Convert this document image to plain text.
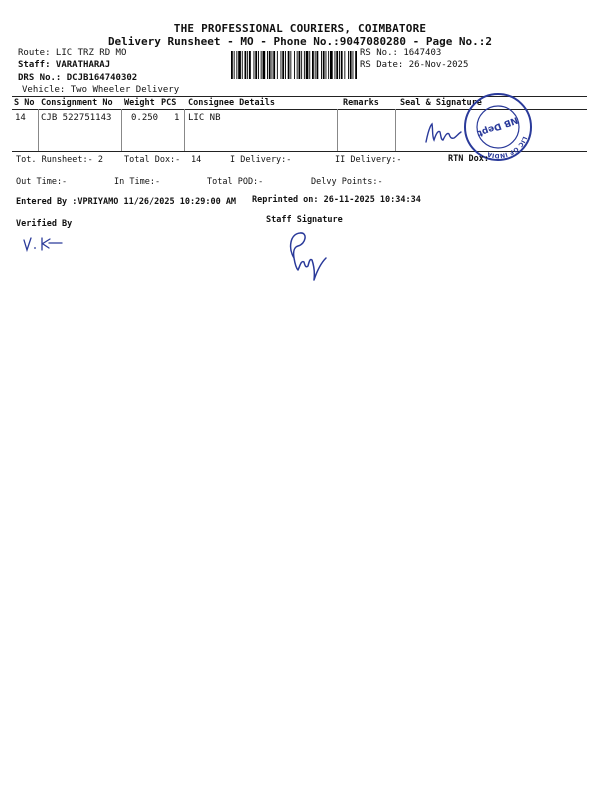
THE PROFESSIONAL COURIERS, COIMBATORE
Delivery Runsheet - MO - Phone No.:9047080280 - Page No.:2
Route: LIC TRZ RD MO
Staff: VARATHARAJ
DRS No.: DCJB164740302
Vehicle: Two Wheeler Delivery
RS No.: 1647403
RS Date: 26-Nov-2025
S No Consignment No Weight PCS Consignee Details	Remarks Seal & Signature
14 CJB 522751143 0.250 1 LIC NB
LIC OF INDIA
NB Dept
Tot. Runsheet:- 2 Total Dox:- 14	I Delivery:-	II Delivery:-	RTN Dox:
Out Time:-	In Time:-	Total POD:-	Delvy Points:-
Entered By :VPRIYAMO 11/26/2025 10:29:00 AM Reprinted on: 26-11-2025 10:34:34
Verified By	Staff Signature
